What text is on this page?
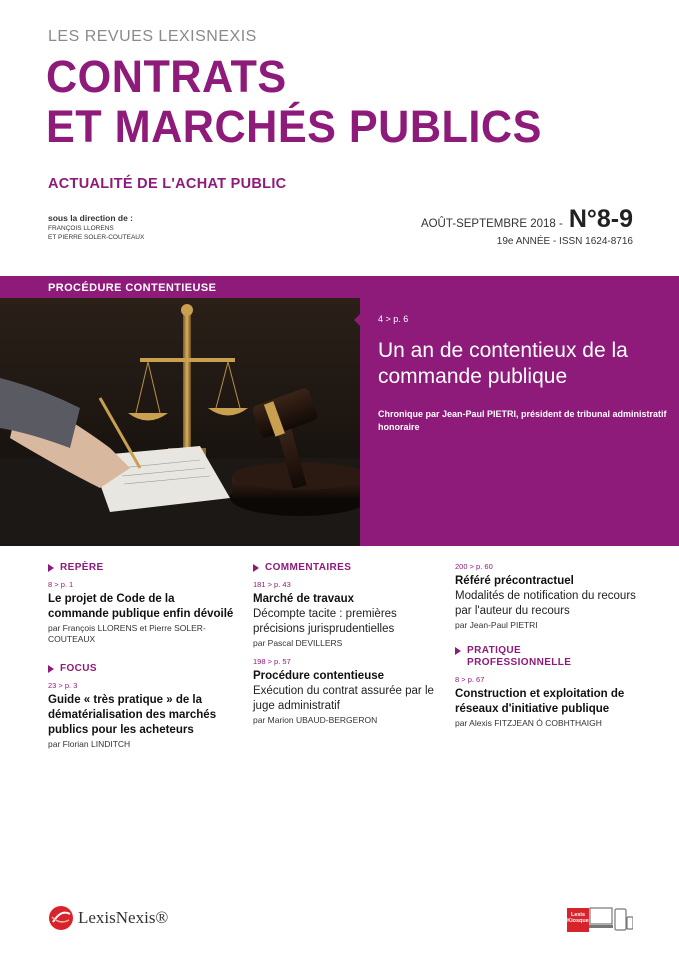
LES REVUES LEXISNEXIS
CONTRATS
ET MARCHÉS PUBLICS
ACTUALITÉ DE L'ACHAT PUBLIC
sous la direction de :
FRANÇOIS LLORENS
ET PIERRE SOLER-COUTEAUX
AOÛT-SEPTEMBRE 2018 - N°8-9
19e ANNÉE - ISSN 1624-8716
PROCÉDURE CONTENTIEUSE
4 > p. 6
Un an de contentieux de la commande publique
Chronique par Jean-Paul PIETRI, président de tribunal administratif honoraire
REPÈRE
8 > p. 1
Le projet de Code de la commande publique enfin dévoilé
par François LLORENS et Pierre SOLER-COUTEAUX
FOCUS
23 > p. 3
Guide « très pratique » de la dématérialisation des marchés publics pour les acheteurs
par Florian LINDITCH
COMMENTAIRES
181 > p. 43
Marché de travaux
Décompte tacite : premières précisions jurisprudentielles
par Pascal DEVILLERS
198 > p. 57
Procédure contentieuse
Exécution du contrat assurée par le juge administratif
par Marion UBAUD-BERGERON
200 > p. 60
Référé précontractuel
Modalités de notification du recours par l'auteur du recours
par Jean-Paul PIETRI
PRATIQUE PROFESSIONNELLE
8 > p. 67
Construction et exploitation de réseaux d'initiative publique
par Alexis FITZJEAN Ó COBHTHAIGH
LexisNexis®	Lexis
Kiosque
